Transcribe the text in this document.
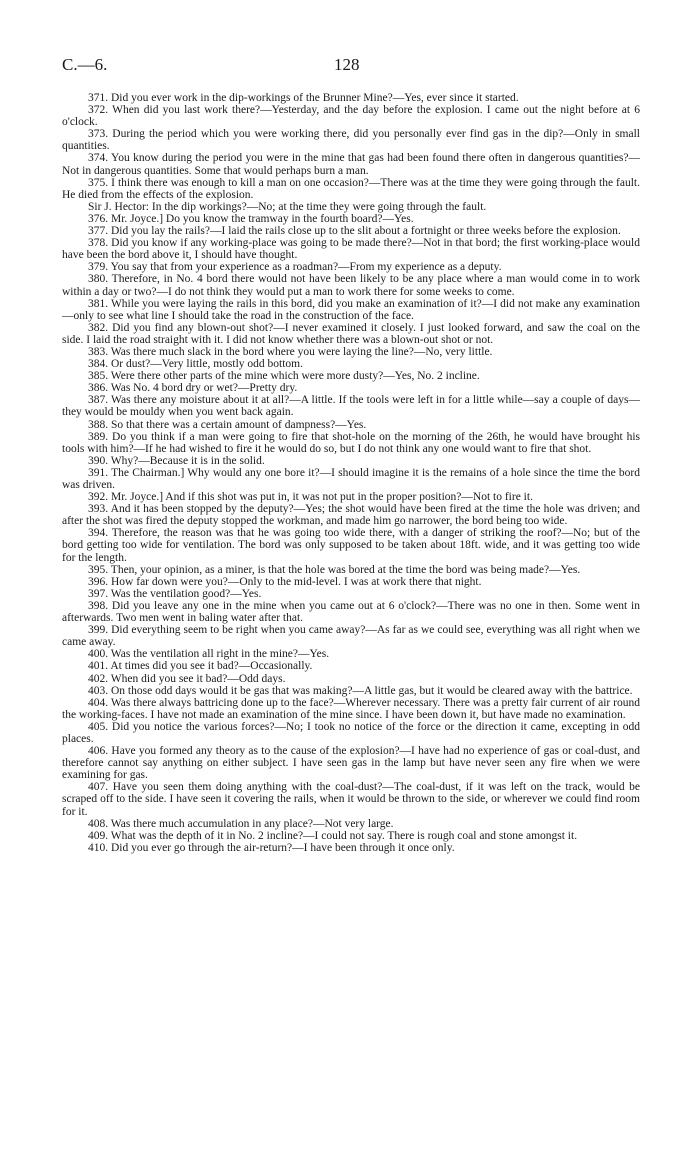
C.—6.	128

371. Did you ever work in the dip-workings of the Brunner Mine?—Yes, ever since it started.

372. When did you last work there?—Yesterday, and the day before the explosion. I came out the night before at 6 o'clock.

373. During the period which you were working there, did you personally ever find gas in the dip?—Only in small quantities.

374. You know during the period you were in the mine that gas had been found there often in dangerous quantities?—Not in dangerous quantities. Some that would perhaps burn a man.

375. I think there was enough to kill a man on one occasion?—There was at the time they were going through the fault. He died from the effects of the explosion.

Sir J. Hector: In the dip workings?—No; at the time they were going through the fault.

376. Mr. Joyce.] Do you know the tramway in the fourth board?—Yes.

377. Did you lay the rails?—I laid the rails close up to the slit about a fortnight or three weeks before the explosion.

378. Did you know if any working-place was going to be made there?—Not in that bord; the first working-place would have been the bord above it, I should have thought.

379. You say that from your experience as a roadman?—From my experience as a deputy.

380. Therefore, in No. 4 bord there would not have been likely to be any place where a man would come in to work within a day or two?—I do not think they would put a man to work there for some weeks to come.

381. While you were laying the rails in this bord, did you make an examination of it?—I did not make any examination—only to see what line I should take the road in the construction of the face.

382. Did you find any blown-out shot?—I never examined it closely. I just looked forward, and saw the coal on the side. I laid the road straight with it. I did not know whether there was a blown-out shot or not.

383. Was there much slack in the bord where you were laying the line?—No, very little.

384. Or dust?—Very little, mostly odd bottom.

385. Were there other parts of the mine which were more dusty?—Yes, No. 2 incline.

386. Was No. 4 bord dry or wet?—Pretty dry.

387. Was there any moisture about it at all?—A little. If the tools were left in for a little while—say a couple of days—they would be mouldy when you went back again.

388. So that there was a certain amount of dampness?—Yes.

389. Do you think if a man were going to fire that shot-hole on the morning of the 26th, he would have brought his tools with him?—If he had wished to fire it he would do so, but I do not think any one would want to fire that shot.

390. Why?—Because it is in the solid.

391. The Chairman.] Why would any one bore it?—I should imagine it is the remains of a hole since the time the bord was driven.

392. Mr. Joyce.] And if this shot was put in, it was not put in the proper position?—Not to fire it.

393. And it has been stopped by the deputy?—Yes; the shot would have been fired at the time the hole was driven; and after the shot was fired the deputy stopped the workman, and made him go narrower, the bord being too wide.

394. Therefore, the reason was that he was going too wide there, with a danger of striking the roof?—No; but of the bord getting too wide for ventilation. The bord was only supposed to be taken about 18ft. wide, and it was getting too wide for the length.

395. Then, your opinion, as a miner, is that the hole was bored at the time the bord was being made?—Yes.

396. How far down were you?—Only to the mid-level. I was at work there that night.

397. Was the ventilation good?—Yes.

398. Did you leave any one in the mine when you came out at 6 o'clock?—There was no one in then. Some went in afterwards. Two men went in baling water after that.

399. Did everything seem to be right when you came away?—As far as we could see, everything was all right when we came away.

400. Was the ventilation all right in the mine?—Yes.

401. At times did you see it bad?—Occasionally.

402. When did you see it bad?—Odd days.

403. On those odd days would it be gas that was making?—A little gas, but it would be cleared away with the battrice.

404. Was there always battricing done up to the face?—Wherever necessary. There was a pretty fair current of air round the working-faces. I have not made an examination of the mine since. I have been down it, but have made no examination.

405. Did you notice the various forces?—No; I took no notice of the force or the direction it came, excepting in odd places.

406. Have you formed any theory as to the cause of the explosion?—I have had no experience of gas or coal-dust, and therefore cannot say anything on either subject. I have seen gas in the lamp but have never seen any fire when we were examining for gas.

407. Have you seen them doing anything with the coal-dust?—The coal-dust, if it was left on the track, would be scraped off to the side. I have seen it covering the rails, when it would be thrown to the side, or wherever we could find room for it.

408. Was there much accumulation in any place?—Not very large.

409. What was the depth of it in No. 2 incline?—I could not say. There is rough coal and stone amongst it.

410. Did you ever go through the air-return?—I have been through it once only.
